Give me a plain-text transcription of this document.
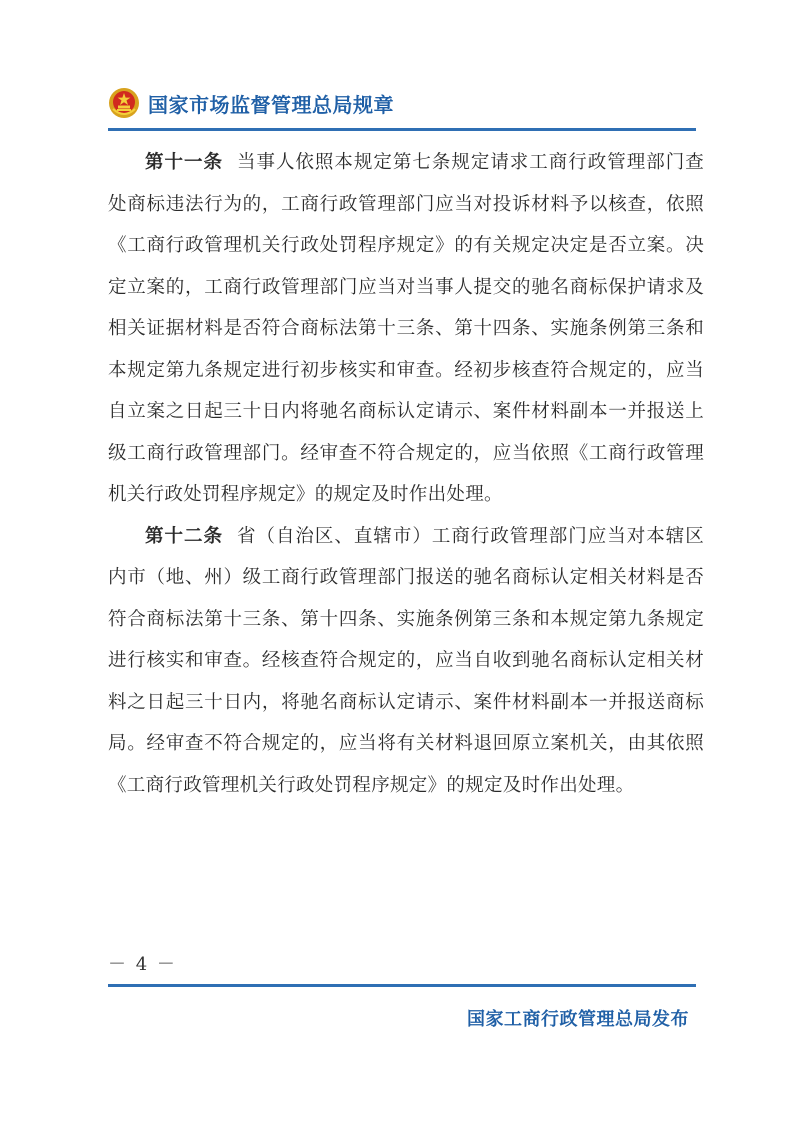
国家市场监督管理总局规章

第十一条 当事人依照本规定第七条规定请求工商行政管理部门查处商标违法行为的，工商行政管理部门应当对投诉材料予以核查，依照《工商行政管理机关行政处罚程序规定》的有关规定决定是否立案。决定立案的，工商行政管理部门应当对当事人提交的驰名商标保护请求及相关证据材料是否符合商标法第十三条、第十四条、实施条例第三条和本规定第九条规定进行初步核实和审查。经初步核查符合规定的，应当自立案之日起三十日内将驰名商标认定请示、案件材料副本一并报送上级工商行政管理部门。经审查不符合规定的，应当依照《工商行政管理机关行政处罚程序规定》的规定及时作出处理。

第十二条 省（自治区、直辖市）工商行政管理部门应当对本辖区内市（地、州）级工商行政管理部门报送的驰名商标认定相关材料是否符合商标法第十三条、第十四条、实施条例第三条和本规定第九条规定进行核实和审查。经核查符合规定的，应当自收到驰名商标认定相关材料之日起三十日内，将驰名商标认定请示、案件材料副本一并报送商标局。经审查不符合规定的，应当将有关材料退回原立案机关，由其依照《工商行政管理机关行政处罚程序规定》的规定及时作出处理。

－ 4 －
国家工商行政管理总局发布
